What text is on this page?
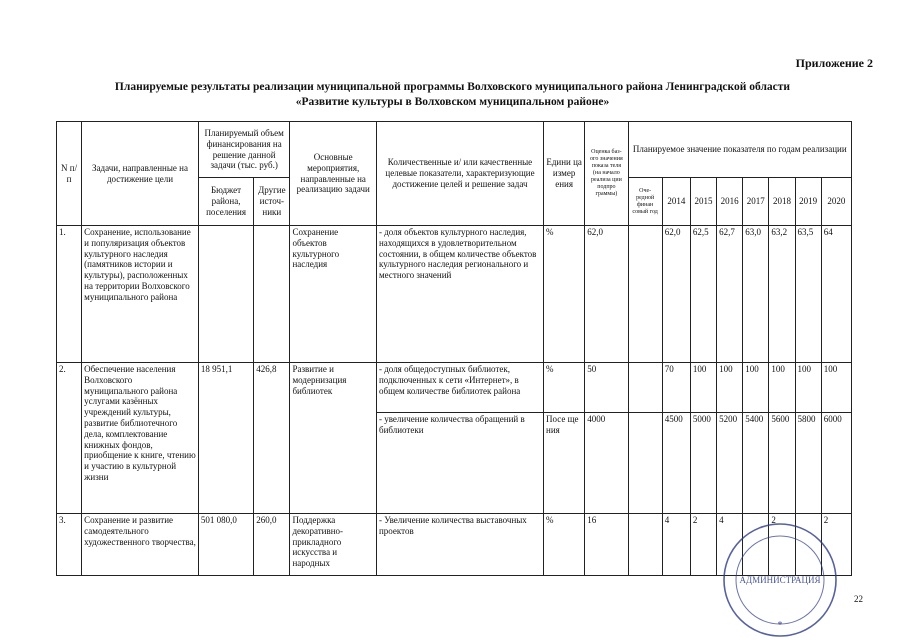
Приложение 2
Планируемые результаты реализации муниципальной программы Волховского муниципального района Ленинградской области
«Развитие культуры в Волховском муниципальном районе»
N п/п	Задачи, направленные на достижение цели	Планируемый объем финансирования на решение данной задачи (тыс. руб.)		Основные мероприятия, направленные на реализацию задачи	Количественные и/ или качественные целевые показатели, характеризующие достижение целей и решение задач	Едини ца измер ения	Оценка баз-ого значения показа теля (на начало реализа ции подпро граммы)	Планируемое значение показателя по годам реализации							
		Бюджет района, поселения	Другие источ-ники					Оче-редной финан совый год	2014	2015	2016	2017	2018	2019	2020
1.	Сохранение, использование и популяризация объектов культурного наследия (памятников истории и культуры), расположенных на территории Волховского муниципального района			Сохранение объектов культурного наследия	- доля объектов культурного наследия, находящихся в удовлетворительном состоянии, в общем количестве объектов культурного наследия регионального и местного значений	%	62,0		62,0	62,5	62,7	63,0	63,2	63,5	64
2.	Обеспечение населения Волховского муниципального района услугами казённых учреждений культуры, развитие библиотечного дела, комплектование книжных фондов, приобщение к книге, чтению и участию в культурной жизни	18 951,1	426,8	Развитие и модернизация библиотек	- доля общедоступных библиотек, подключенных к сети «Интернет», в общем количестве библиотек района	%	50		70	100	100	100	100	100	100
					- увеличение количества обращений в библиотеки	Посе ще ния	4000		4500	5000	5200	5400	5600	5800	6000
3.	Сохранение и развитие самодеятельного художественного творчества,	501 080,0	260,0	Поддержка декоративно-прикладного искусства и народных	- Увеличение количества выставочных проектов	%	16		4	2	4		2		2
АДМИНИСТРАЦИЯ
*
22
